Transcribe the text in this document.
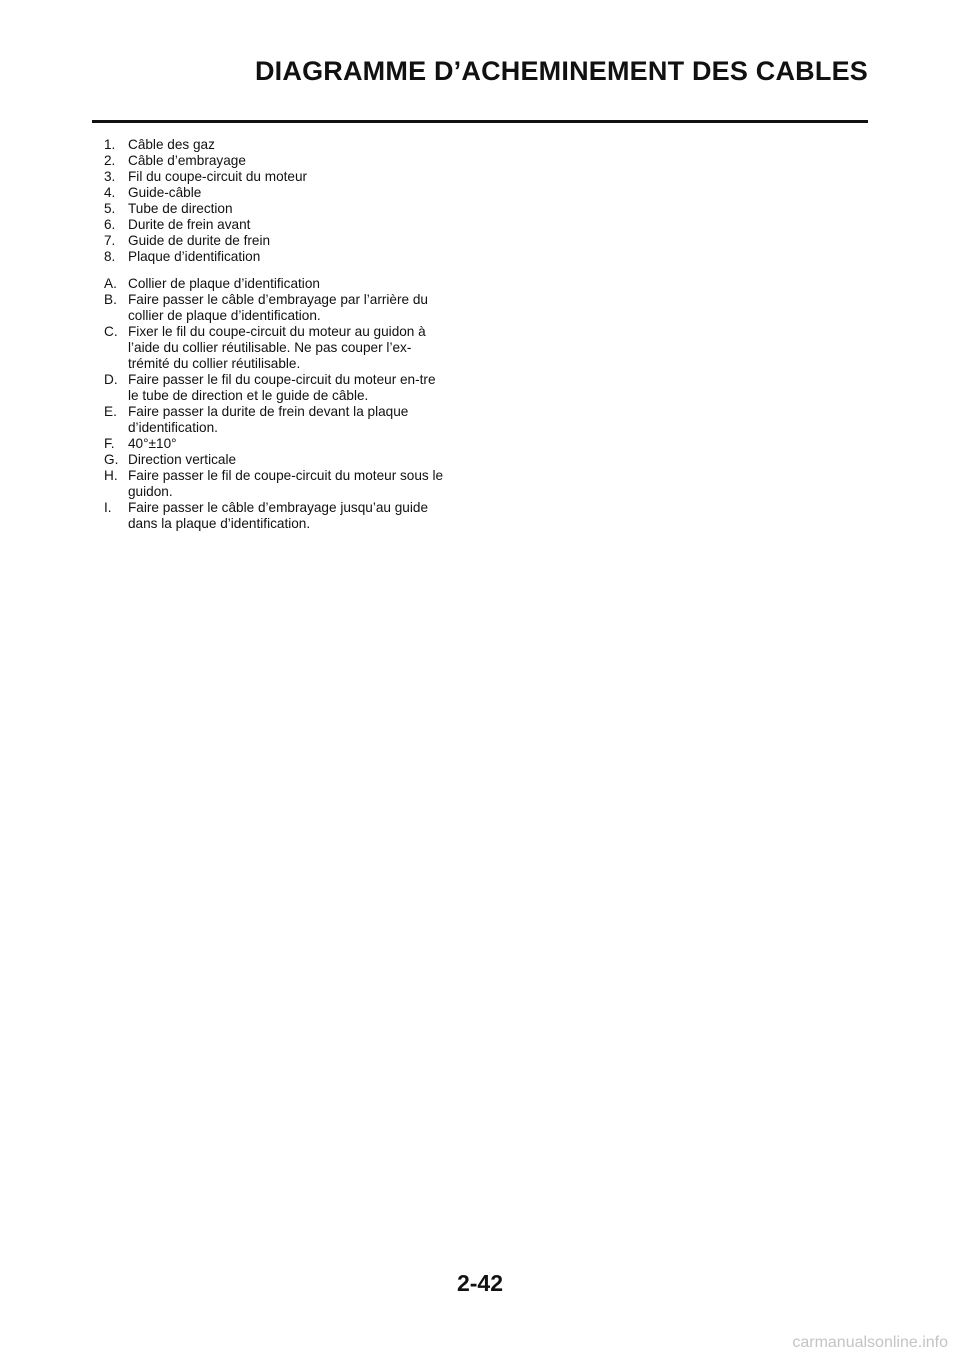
DIAGRAMME D’ACHEMINEMENT DES CABLES
1. Câble des gaz
2. Câble d’embrayage
3. Fil du coupe-circuit du moteur
4. Guide-câble
5. Tube de direction
6. Durite de frein avant
7. Guide de durite de frein
8. Plaque d’identification
A. Collier de plaque d’identification
B. Faire passer le câble d’embrayage par l’arrière du collier de plaque d’identification.
C. Fixer le fil du coupe-circuit du moteur au guidon à l’aide du collier réutilisable. Ne pas couper l’ex-trémité du collier réutilisable.
D. Faire passer le fil du coupe-circuit du moteur en-tre le tube de direction et le guide de câble.
E. Faire passer la durite de frein devant la plaque d’identification.
F. 40°±10°
G. Direction verticale
H. Faire passer le fil de coupe-circuit du moteur sous le guidon.
I.	Faire passer le câble d’embrayage jusqu’au guide dans la plaque d’identification.
2-42
carmanualsonline.info
